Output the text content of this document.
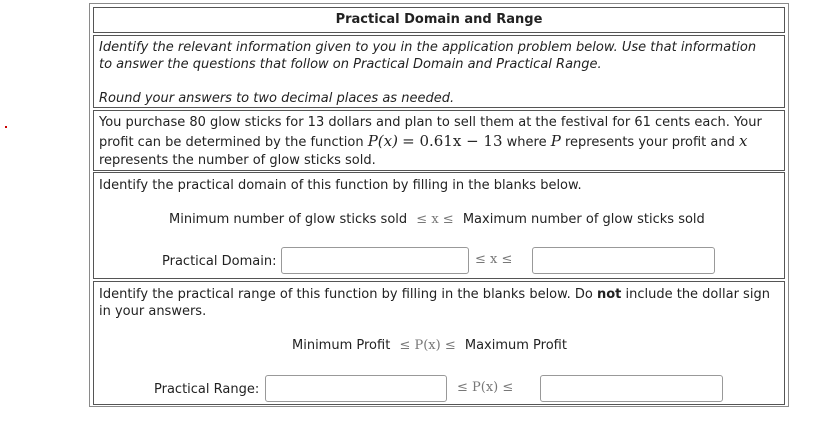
Practical Domain and Range

Identify the relevant information given to you in the application problem below. Use that information

to answer the questions that follow on Practical Domain and Practical Range.

Round your answers to two decimal places as needed.

You purchase 80 glow sticks for 13 dollars and plan to sell them at the festival for 61 cents each. Your
profit can be determined by the function P(x) = 0.61x − 13 where P represents your profit and x
represents the number of glow sticks sold.
Identify the practical domain of this function by filling in the blanks below.
Minimum number of glow sticks sold ≤ x ≤ Maximum number of glow sticks sold
Practical Domain:	≤ x ≤
Identify the practical range of this function by filling in the blanks below. Do not include the dollar sign
in your answers.
Minimum Profit ≤ P(x) ≤ Maximum Profit
Practical Range:	≤ P(x) ≤
